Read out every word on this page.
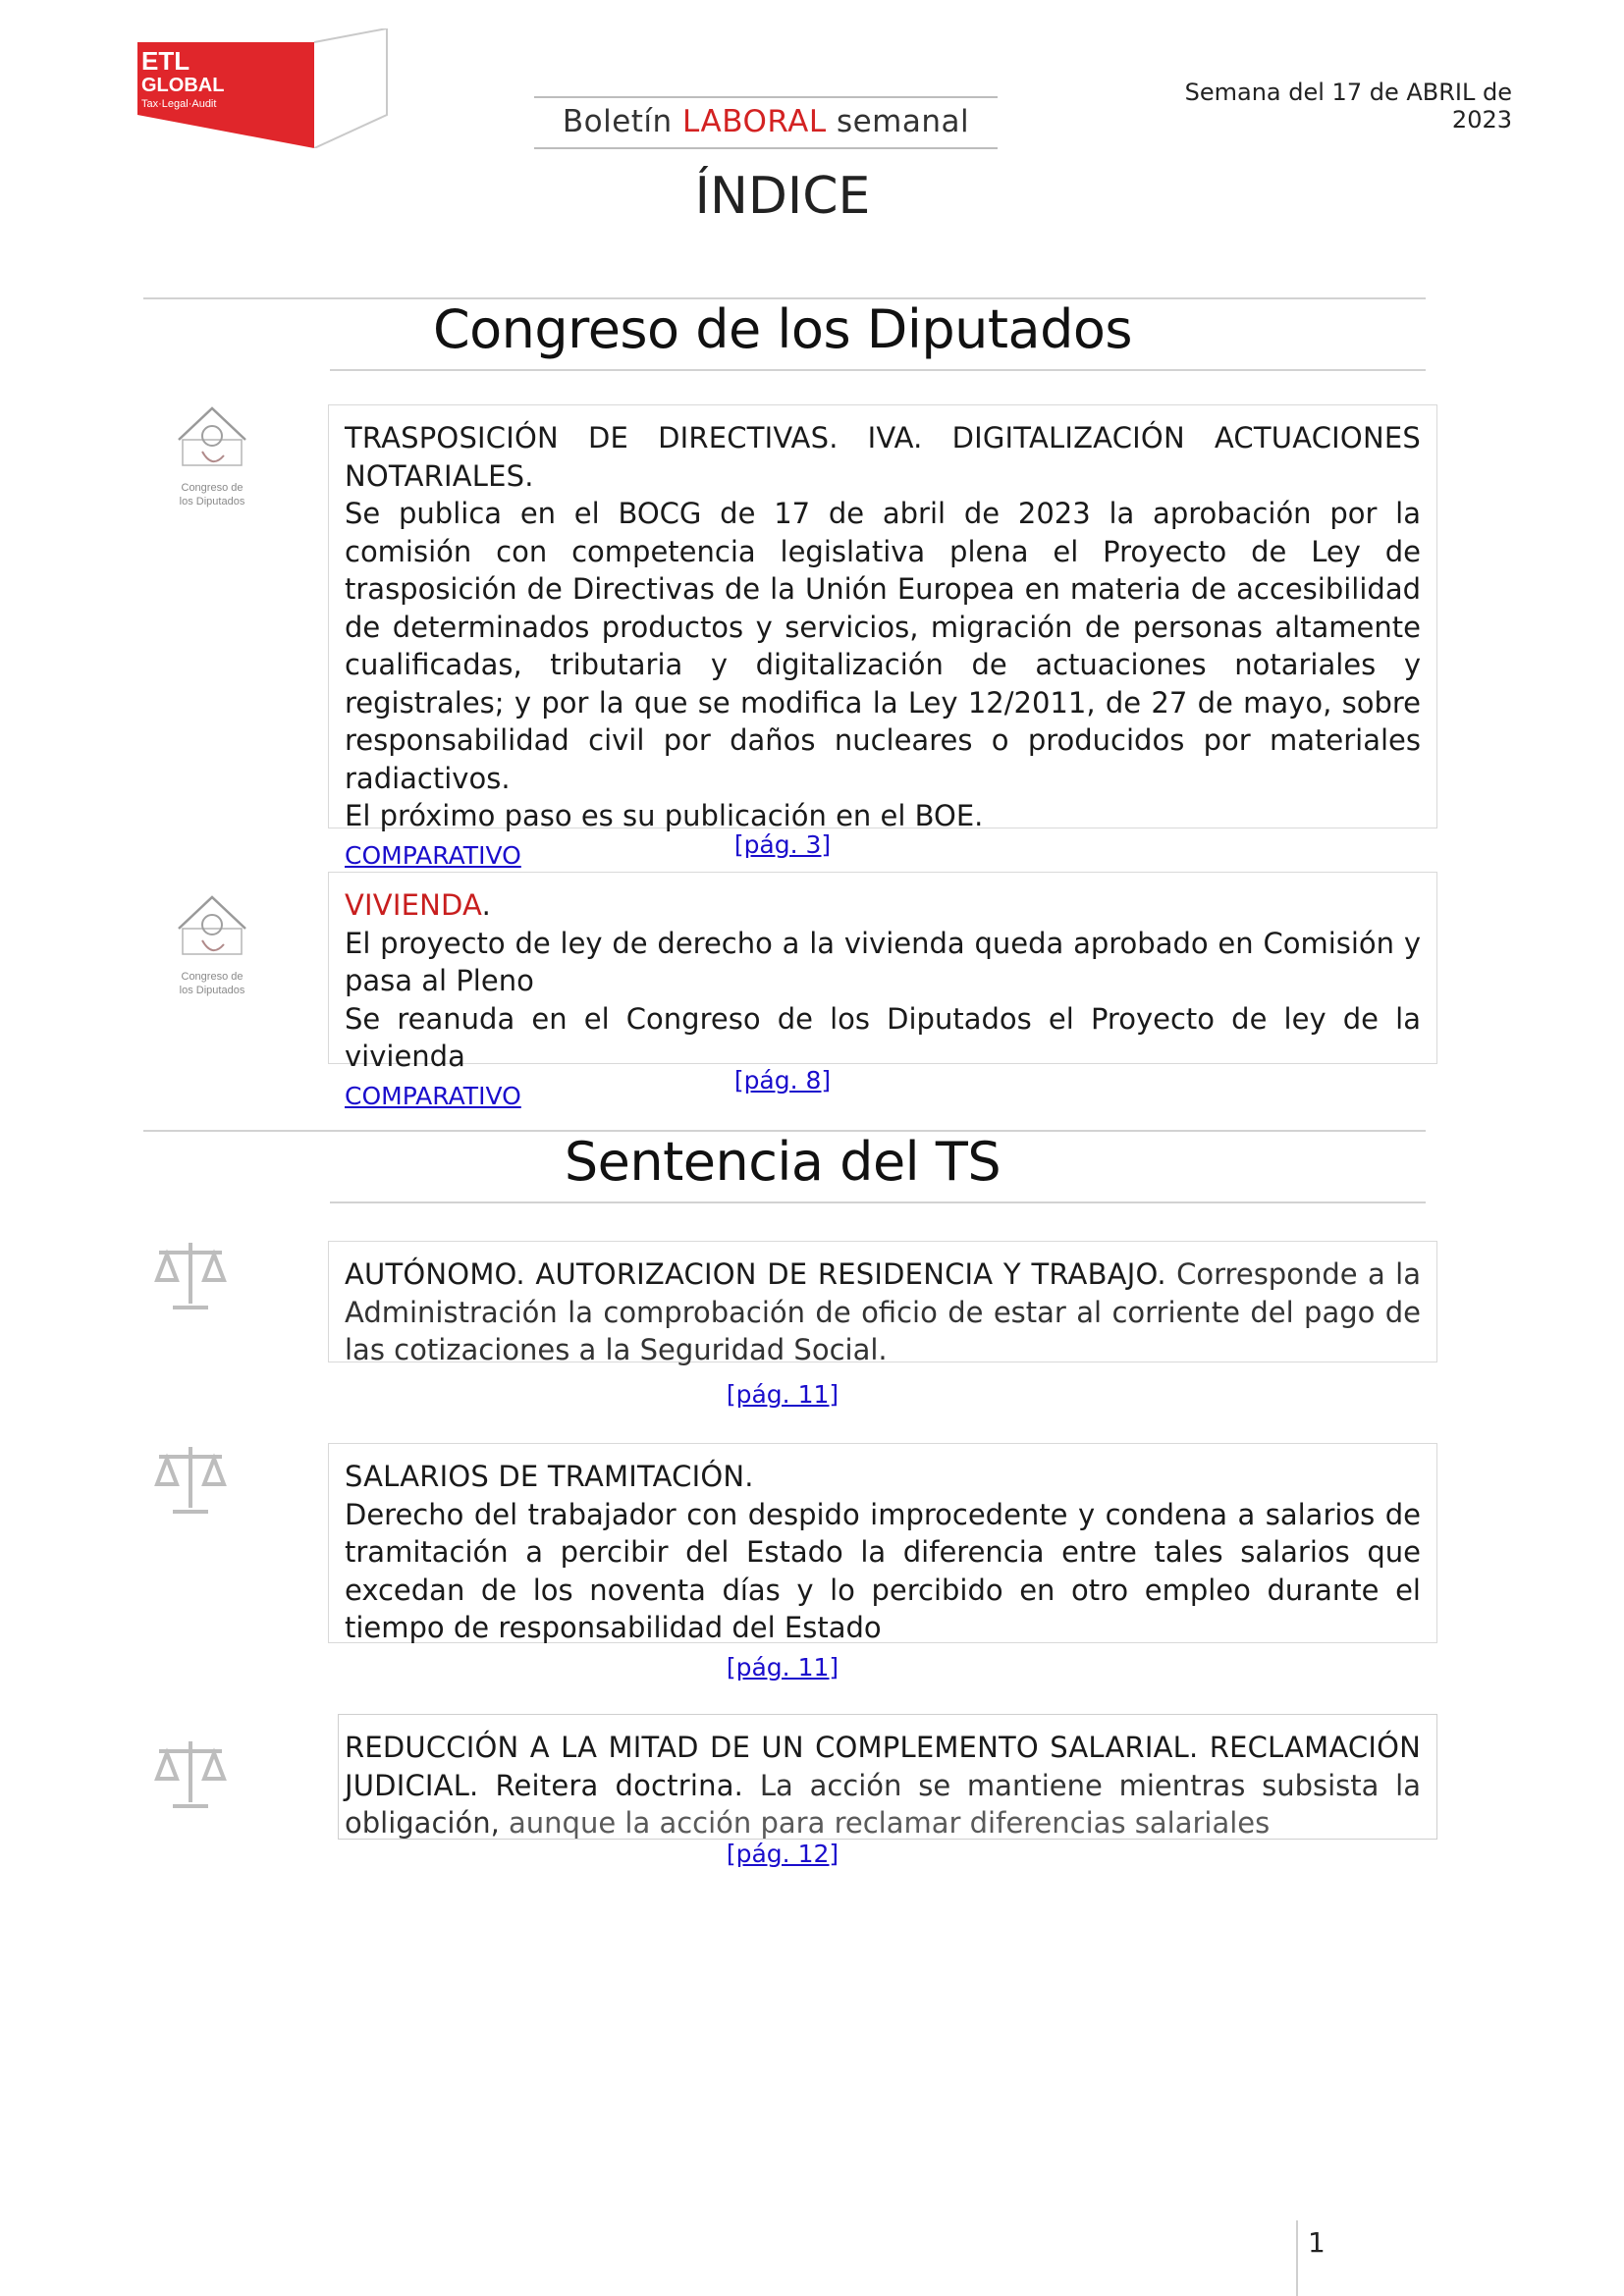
ETL
GLOBAL
Tax·Legal·Audit	Semana del 17 de ABRIL de 2023
Boletín LABORAL semanal
ÍNDICE
Congreso de los Diputados
Congreso de
los Diputados

TRASPOSICIÓN DE DIRECTIVAS. IVA. DIGITALIZACIÓN ACTUACIONES NOTARIALES.

Se publica en el BOCG de 17 de abril de 2023 la aprobación por la comisión con competencia legislativa plena el Proyecto de Ley de trasposición de Directivas de la Unión Europea en materia de accesibilidad de determinados productos y servicios, migración de personas altamente cualificadas, tributaria y digitalización de actuaciones notariales y registrales; y por la que se modifica la Ley 12/2011, de 27 de mayo, sobre responsabilidad civil por daños nucleares o producidos por materiales radiactivos.

El próximo paso es su publicación en el BOE.

COMPARATIVO	[pág. 3]
Congreso de
los Diputados

VIVIENDA.

El proyecto de ley de derecho a la vivienda queda aprobado en Comisión y pasa al Pleno

Se reanuda en el Congreso de los Diputados el Proyecto de ley de la vivienda

COMPARATIVO
[pág. 8]
Sentencia del TS

AUTÓNOMO. AUTORIZACION DE RESIDENCIA Y TRABAJO. Corresponde a la Administración la comprobación de oficio de estar al corriente del pago de las cotizaciones a la Seguridad Social.

[pág. 11]

SALARIOS DE TRAMITACIÓN.

Derecho del trabajador con despido improcedente y condena a salarios de tramitación a percibir del Estado la diferencia entre tales salarios que excedan de los noventa días y lo percibido en otro empleo durante el tiempo de responsabilidad del Estado

[pág. 11]

REDUCCIÓN A LA MITAD DE UN COMPLEMENTO SALARIAL. RECLAMACIÓN JUDICIAL. Reitera doctrina. La acción se mantiene mientras subsista la obligación, aunque la acción para reclamar diferencias salariales

[pág. 12]
1
